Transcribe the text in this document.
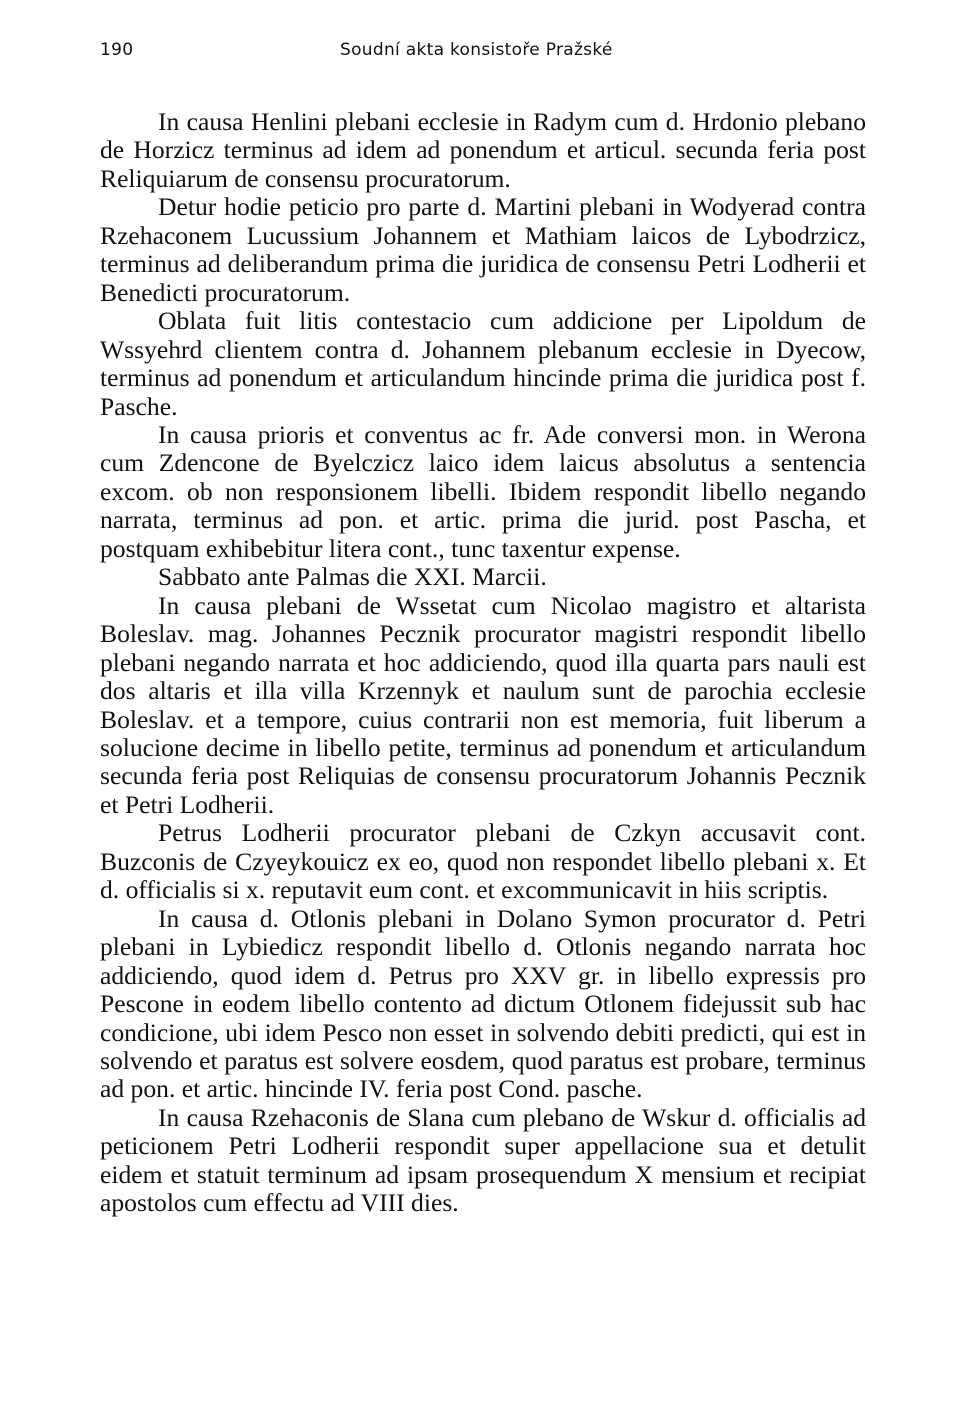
190	Soudní akta konsistoře Pražské

In causa Henlini plebani ecclesie in Radym cum d. Hrdonio plebano de Horzicz terminus ad idem ad ponendum et articul. secunda feria post Reliquiarum de consensu procuratorum.

Detur hodie peticio pro parte d. Martini plebani in Wodyerad contra Rzehaconem Lucussium Johannem et Mathiam laicos de Lybodrzicz, terminus ad deliberandum prima die juridica de consensu Petri Lodherii et Benedicti procuratorum.

Oblata fuit litis contestacio cum addicione per Lipoldum de Wssyehrd clientem contra d. Johannem plebanum ecclesie in Dyecow, terminus ad ponendum et articulandum hincinde prima die juridica post f. Pasche.

In causa prioris et conventus ac fr. Ade conversi mon. in Werona cum Zdencone de Byelczicz laico idem laicus absolutus a sentencia excom. ob non responsionem libelli. Ibidem respondit libello negando narrata, terminus ad pon. et artic. prima die jurid. post Pascha, et postquam exhibebitur litera cont., tunc taxentur expense.

Sabbato ante Palmas die XXI. Marcii.

In causa plebani de Wssetat cum Nicolao magistro et altarista Boleslav. mag. Johannes Pecznik procurator magistri respondit libello plebani negando narrata et hoc addiciendo, quod illa quarta pars nauli est dos altaris et illa villa Krzennyk et naulum sunt de parochia ecclesie Boleslav. et a tempore, cuius contrarii non est memoria, fuit liberum a solucione decime in libello petite, terminus ad ponendum et articulandum secunda feria post Reliquias de consensu procuratorum Johannis Pecznik et Petri Lodherii.

Petrus Lodherii procurator plebani de Czkyn accusavit cont. Buzconis de Czyeykouicz ex eo, quod non respondet libello plebani x. Et d. officialis si x. reputavit eum cont. et excommunicavit in hiis scriptis.

In causa d. Otlonis plebani in Dolano Symon procurator d. Petri plebani in Lybiedicz respondit libello d. Otlonis negando narrata hoc addiciendo, quod idem d. Petrus pro XXV gr. in libello expressis pro Pescone in eodem libello contento ad dictum Otlonem fidejussit sub hac condicione, ubi idem Pesco non esset in solvendo debiti predicti, qui est in solvendo et paratus est solvere eosdem, quod paratus est probare, terminus ad pon. et artic. hincinde IV. feria post Cond. pasche.

In causa Rzehaconis de Slana cum plebano de Wskur d. officialis ad peticionem Petri Lodherii respondit super appellacione sua et detulit eidem et statuit terminum ad ipsam prosequendum X mensium et recipiat apostolos cum effectu ad VIII dies.
